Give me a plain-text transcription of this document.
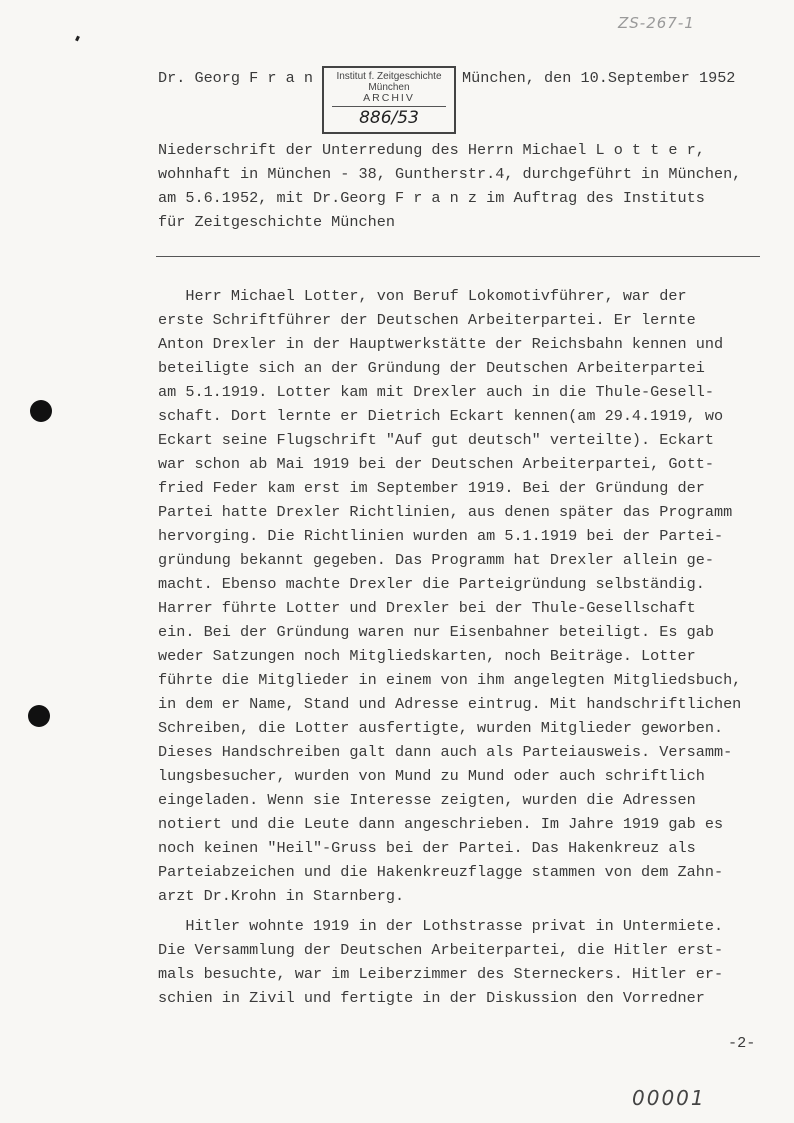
ZS-267-1
Dr. Georg F r a n	München, den 10.September 1952
Institut f. Zeitgeschichte
München
ARCHIV
886/53
Niederschrift der Unterredung des Herrn Michael L o t t e r,
wohnhaft in München - 38, Guntherstr.4, durchgeführt in München,
am 5.6.1952, mit Dr.Georg F r a n z im Auftrag des Instituts
für Zeitgeschichte München
Herr Michael Lotter, von Beruf Lokomotivführer, war der
erste Schriftführer der Deutschen Arbeiterpartei. Er lernte
Anton Drexler in der Hauptwerkstätte der Reichsbahn kennen und
beteiligte sich an der Gründung der Deutschen Arbeiterpartei
am 5.1.1919. Lotter kam mit Drexler auch in die Thule-Gesell-
schaft. Dort lernte er Dietrich Eckart kennen(am 29.4.1919, wo
Eckart seine Flugschrift "Auf gut deutsch" verteilte). Eckart
war schon ab Mai 1919 bei der Deutschen Arbeiterpartei, Gott-
fried Feder kam erst im September 1919. Bei der Gründung der
Partei hatte Drexler Richtlinien, aus denen später das Programm
hervorging. Die Richtlinien wurden am 5.1.1919 bei der Partei-
gründung bekannt gegeben. Das Programm hat Drexler allein ge-
macht. Ebenso machte Drexler die Parteigründung selbständig.
Harrer führte Lotter und Drexler bei der Thule-Gesellschaft
ein. Bei der Gründung waren nur Eisenbahner beteiligt. Es gab
weder Satzungen noch Mitgliedskarten, noch Beiträge. Lotter
führte die Mitglieder in einem von ihm angelegten Mitgliedsbuch,
in dem er Name, Stand und Adresse eintrug. Mit handschriftlichen
Schreiben, die Lotter ausfertigte, wurden Mitglieder geworben.
Dieses Handschreiben galt dann auch als Parteiausweis. Versamm-
lungsbesucher, wurden von Mund zu Mund oder auch schriftlich
eingeladen. Wenn sie Interesse zeigten, wurden die Adressen
notiert und die Leute dann angeschrieben. Im Jahre 1919 gab es
noch keinen "Heil"-Gruss bei der Partei. Das Hakenkreuz als
Parteiabzeichen und die Hakenkreuzflagge stammen von dem Zahn-
arzt Dr.Krohn in Starnberg.
Hitler wohnte 1919 in der Lothstrasse privat in Untermiete.
Die Versammlung der Deutschen Arbeiterpartei, die Hitler erst-
mals besuchte, war im Leiberzimmer des Sterneckers. Hitler er-
schien in Zivil und fertigte in der Diskussion den Vorredner
-2-
00001
